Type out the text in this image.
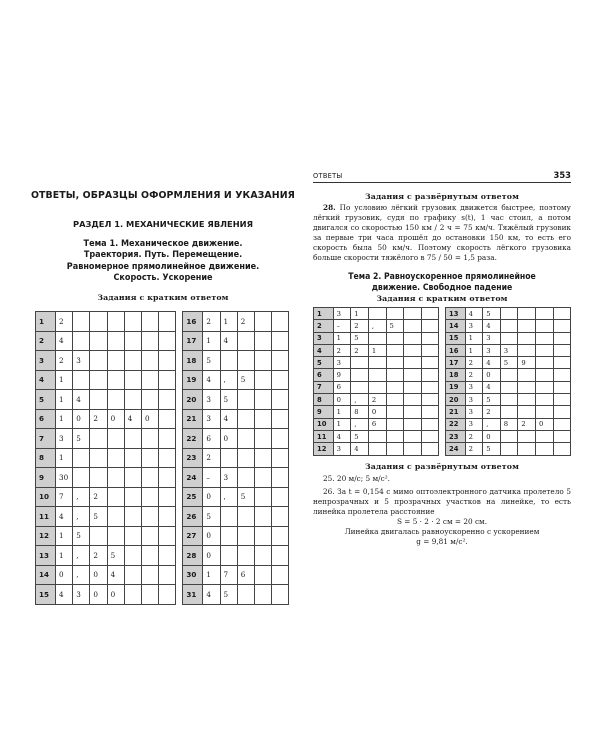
ОТВЕТЫ, ОБРАЗЦЫ ОФОРМЛЕНИЯ И УКАЗАНИЯ
РАЗДЕЛ 1. МЕХАНИЧЕСКИЕ ЯВЛЕНИЯ
Тема 1. Механическое движение.
Траектория. Путь. Перемещение.
Равномерное прямолинейное движение.
Скорость. Ускорение
Задания с кратким ответом
1	2						
2	4						
3	2	3					
4	1						
5	1	4					
6	1	0	2	0	4	0	
7	3	5					
8	1						
9	30						
10	7	,	2				
11	4	,	5				
12	1	5					
13	1	,	2	5			
14	0	,	0	4			
15	4	3	0	0			
16	2	1	2		
17	1	4			
18	5				
19	4	,	5		
20	3	5			
21	3	4			
22	6	0			
23	2				
24	–	3			
25	0	,	5		
26	5				
27	0				
28	0				
30	1	7	6		
31	4	5			
ОТВЕТЫ	353
Задания с развёрнутым ответом
28. По условию лёгкий грузовик движется быстрее, поэтому лёгкий грузовик, судя по графику s(t), 1 час стоил, а потом двигался со скоростью 150 км / 2 ч = 75 км/ч. Тяжёлый грузовик за первые три часа прошёл до остановки 150 км, то есть его скорость была 50 км/ч. Поэтому скорость лёгкого грузовика больше скорости тяжёлого в 75 / 50 = 1,5 раза.
Тема 2. Равноускоренное прямолинейное
движение. Свободное падение
Задания с кратким ответом
1	3	1				
2	–	2	,	5		
3	1	5				
4	2	2	1			
5	3					
6	9					
7	6					
8	0	,	2			
9	1	8	0			
10	1	,	6			
11	4	5				
12	3	4				
13	4	5				
14	3	4				
15	1	3				
16	1	3	3			
17	2	4	5	9		
18	2	0				
19	3	4				
20	3	5				
21	3	2				
22	3	,	8	2	0	
23	2	0				
24	2	5				
Задания с развёрнутым ответом
25. 20 м/с; 5 м/с².
26. За t = 0,154 с мимо оптоэлектронного датчика пролетело 5 непрозрачных и 5 прозрачных участков на линейке, то есть линейка пролетела расстояние
S = 5 · 2 · 2 см = 20 см.
Линейка двигалась равноускоренно с ускорением
g = 9,81 м/с².
